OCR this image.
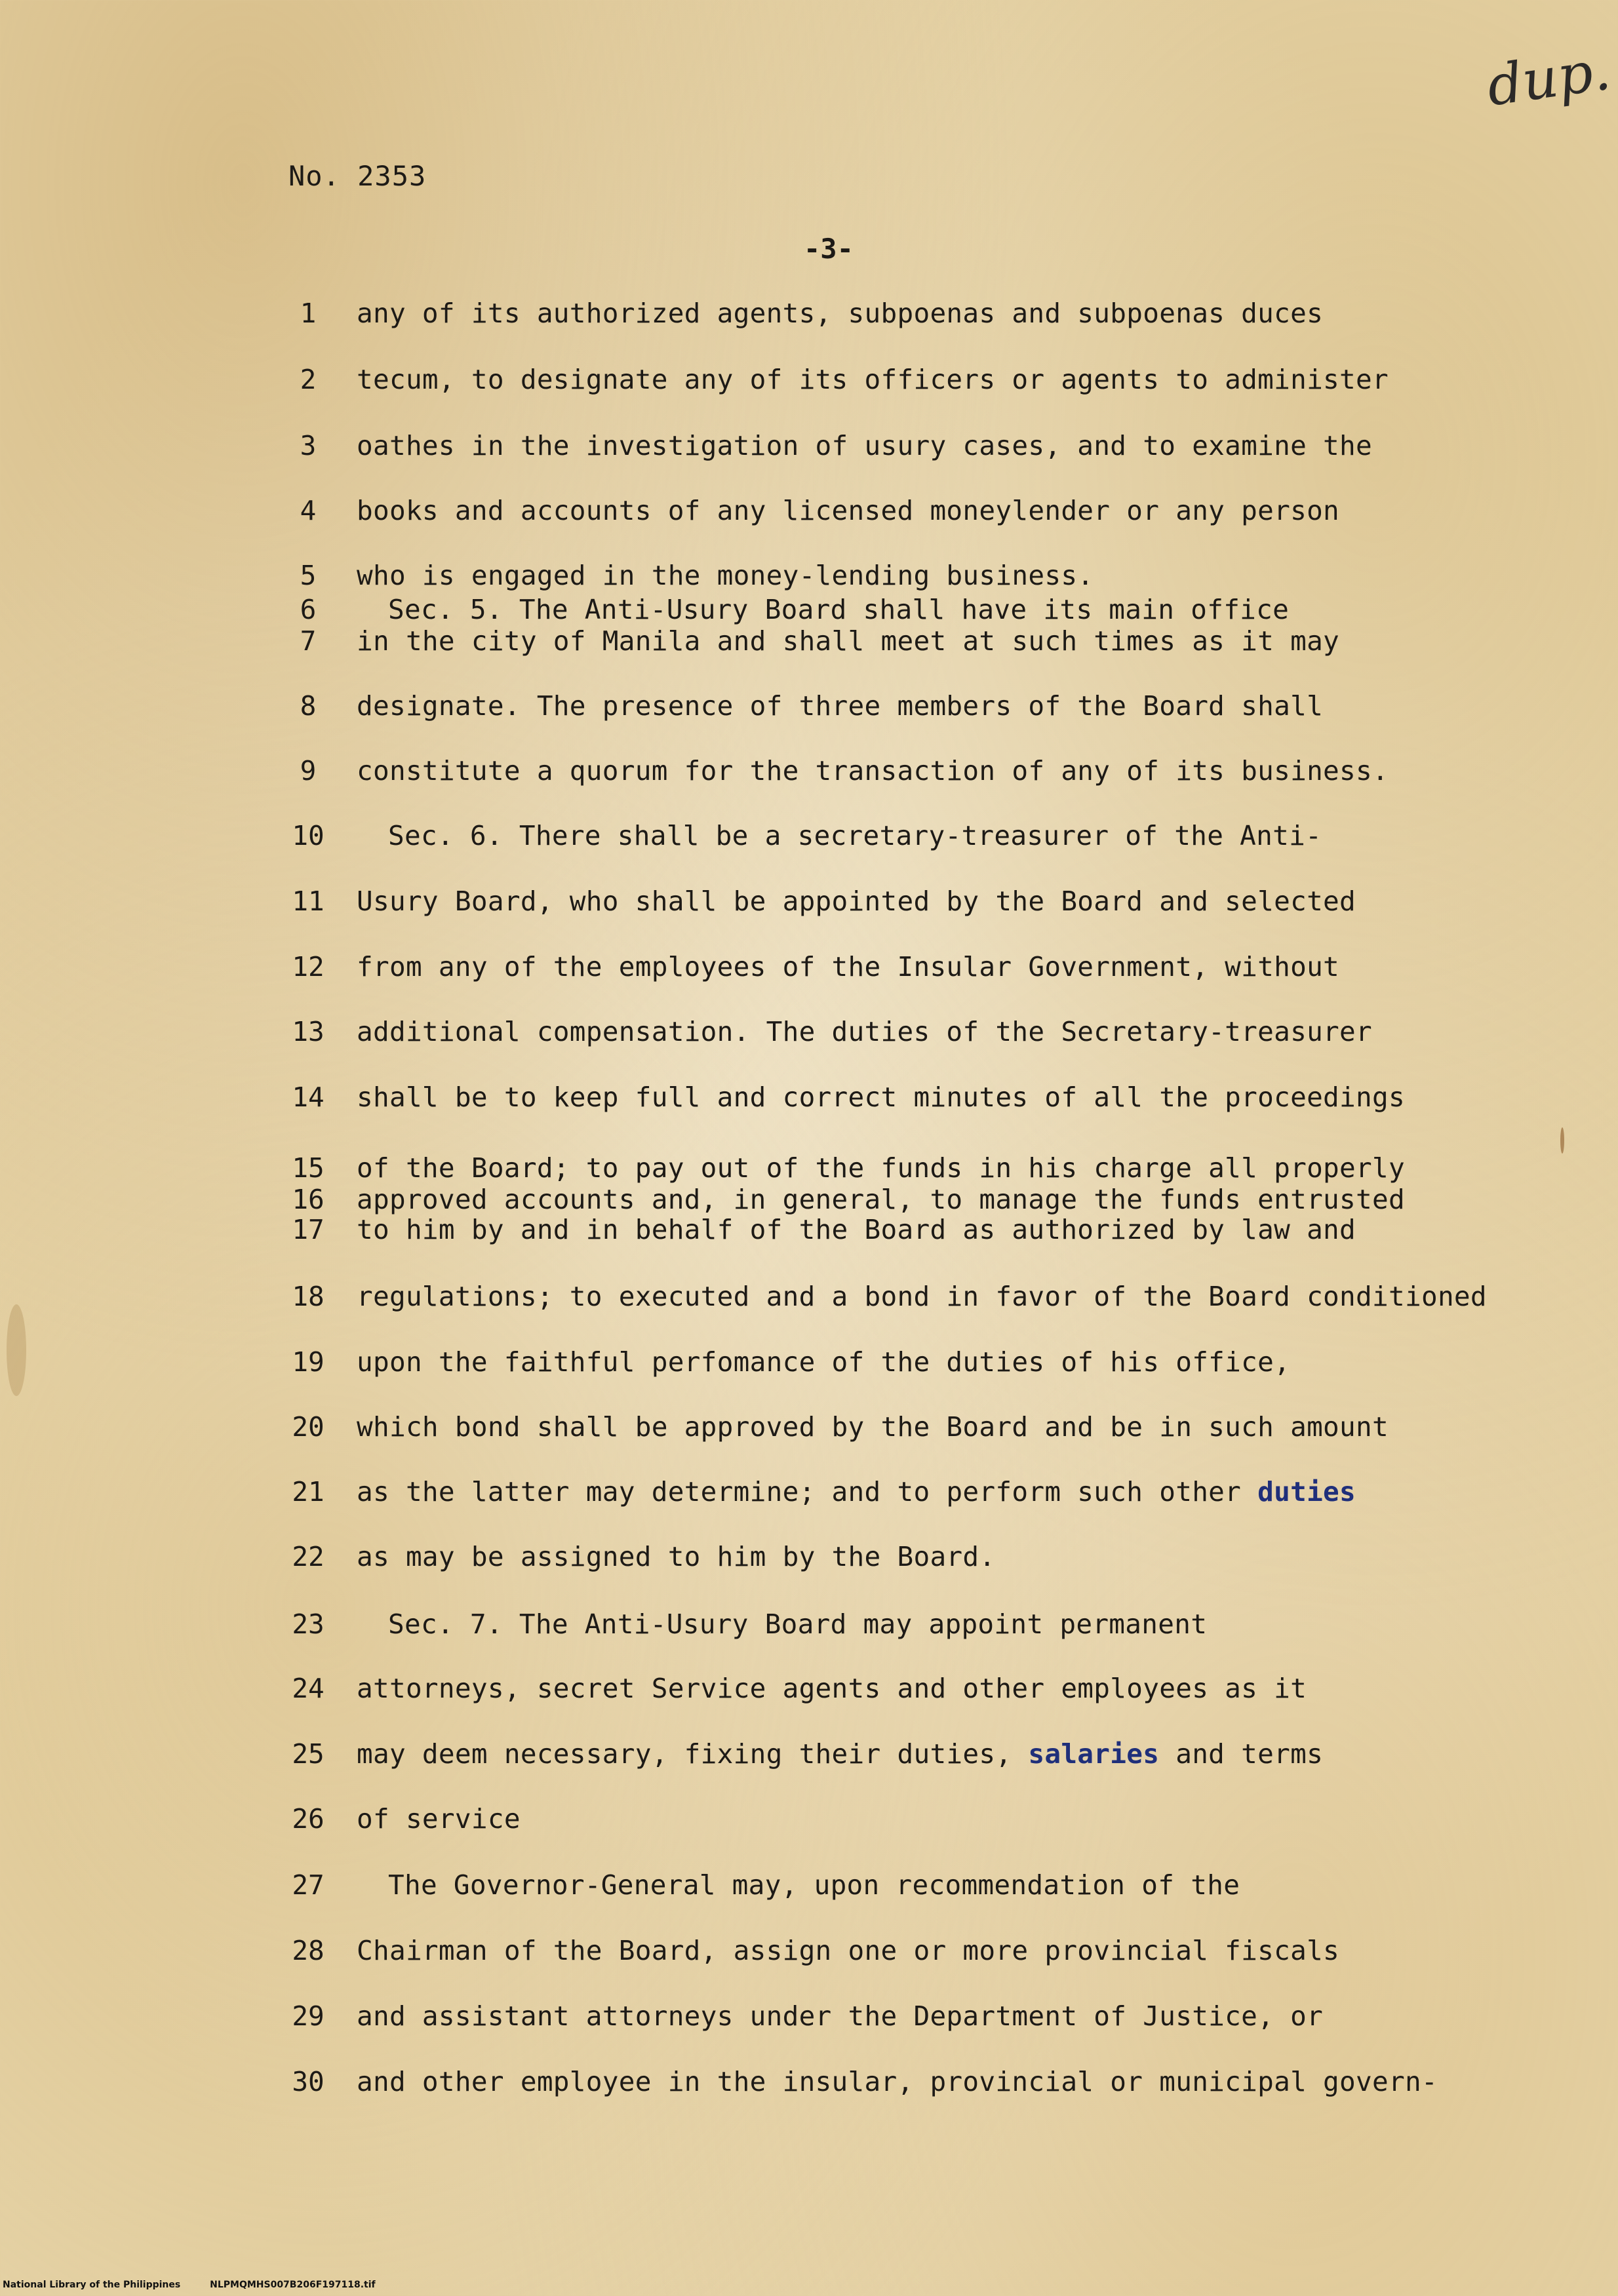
dup.
No. 2353
-3-
1	any of its authorized agents, subpoenas and subpoenas duces
2	tecum, to designate any of its officers or agents to administer
3	oathes in the investigation of usury cases, and to examine the
4	books and accounts of any licensed moneylender or any person
5	who is engaged in the money-lending business.
6	Sec. 5. The Anti-Usury Board shall have its main office
7	in the city of Manila and shall meet at such times as it may
8	designate. The presence of three members of the Board shall
9	constitute a quorum for the transaction of any of its business.
10	Sec. 6. There shall be a secretary-treasurer of the Anti-
11	Usury Board, who shall be appointed by the Board and selected
12	from any of the employees of the Insular Government, without
13	additional compensation. The duties of the Secretary-treasurer
14	shall be to keep full and correct minutes of all the proceedings
15	of the Board; to pay out of the funds in his charge all properly
16	approved accounts and, in general, to manage the funds entrusted
17	to him by and in behalf of the Board as authorized by law and
18	regulations; to executed and a bond in favor of the Board conditioned
19	upon the faithful perfomance of the duties of his office,
20	which bond shall be approved by the Board and be in such amount
21	as the latter may determine; and to perform such other duties
22	as may be assigned to him by the Board.
23	Sec. 7. The Anti-Usury Board may appoint permanent
24	attorneys, secret Service agents and other employees as it
25	may deem necessary, fixing their duties, salaries and terms
26	of service
27	The Governor-General may, upon recommendation of the
28	Chairman of the Board, assign one or more provincial fiscals
29	and assistant attorneys under the Department of Justice, or
30	and other employee in the insular, provincial or municipal govern-
National Library of the Philippines	NLPMQMHS007B206F197118.tif
